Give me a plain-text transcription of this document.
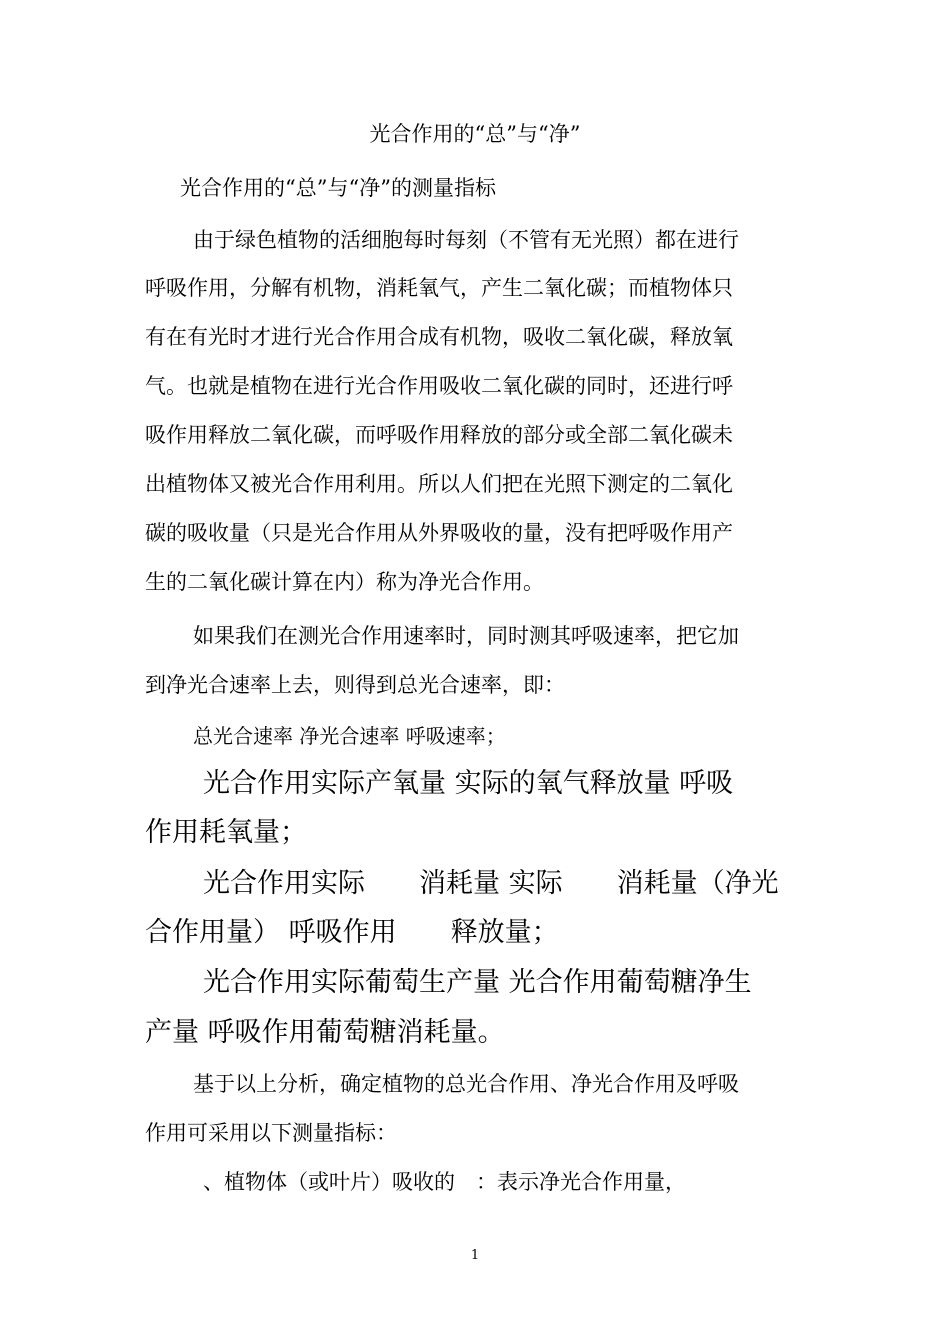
光合作用的“总”与“净”
光合作用的“总”与“净”的测量指标
由于绿色植物的活细胞每时每刻（不管有无光照）都在进行
呼吸作用，分解有机物，消耗氧气，产生二氧化碳；而植物体只
有在有光时才进行光合作用合成有机物，吸收二氧化碳，释放氧
气。也就是植物在进行光合作用吸收二氧化碳的同时，还进行呼
吸作用释放二氧化碳，而呼吸作用释放的部分或全部二氧化碳未
出植物体又被光合作用利用。所以人们把在光照下测定的二氧化
碳的吸收量（只是光合作用从外界吸收的量，没有把呼吸作用产
生的二氧化碳计算在内）称为净光合作用。
如果我们在测光合作用速率时，同时测其呼吸速率，把它加
到净光合速率上去，则得到总光合速率，即：
总光合速率 净光合速率 呼吸速率；
光合作用实际产氧量 实际的氧气释放量 呼吸
作用耗氧量；
光合作用实际　　消耗量 实际　　消耗量（净光
合作用量） 呼吸作用　　释放量；
光合作用实际葡萄生产量 光合作用葡萄糖净生
产量 呼吸作用葡萄糖消耗量。
基于以上分析，确定植物的总光合作用、净光合作用及呼吸
作用可采用以下测量指标：
、植物体（或叶片）吸收的　：表示净光合作用量，
1
